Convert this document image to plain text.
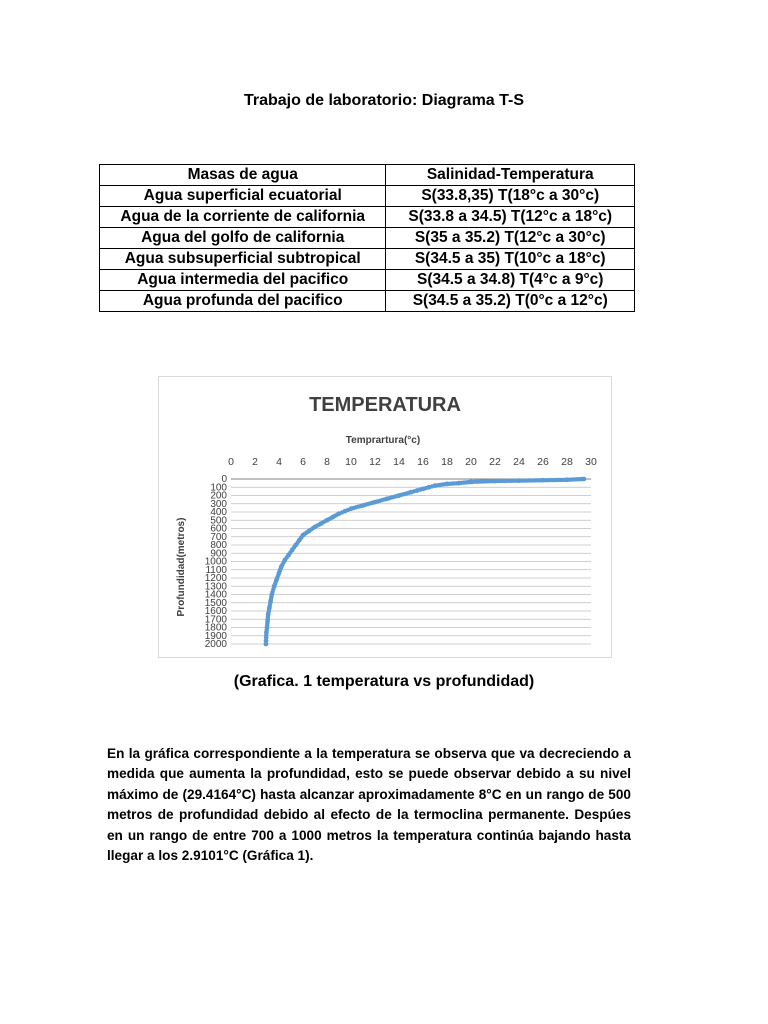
Trabajo de laboratorio: Diagrama T-S
Masas de agua	Salinidad-Temperatura
Agua superficial ecuatorial	S(33.8,35) T(18°c a 30°c)
Agua de la corriente de california	S(33.8 a 34.5) T(12°c a 18°c)
Agua del golfo de california	S(35 a 35.2) T(12°c a 30°c)
Agua subsuperficial subtropical	S(34.5 a 35) T(10°c a 18°c)
Agua intermedia del pacifico	S(34.5 a 34.8) T(4°c a 9°c)
Agua profunda del pacifico	S(34.5 a 35.2) T(0°c a 12°c)
TEMPERATURA
Temprartura(°c)
Profundidad(metros)
0 2 4 6 8 10 12 14 16 18 20 22 24 26 28 30
0
100
200
300
400
500
600
700
800
900
1000
1100
1200
1300
1400
1500
1600
1700
1800
1900
2000
(Grafica. 1 temperatura vs profundidad)
En la gráfica correspondiente a la temperatura se observa que va decreciendo a medida que aumenta la profundidad, esto se puede observar debido a su nivel máximo de (29.4164°C) hasta alcanzar aproximadamente 8°C en un rango de 500 metros de profundidad debido al efecto de la termoclina permanente. Despúes en un rango de entre 700 a 1000 metros la temperatura continúa bajando hasta llegar a los 2.9101°C (Gráfica 1).
